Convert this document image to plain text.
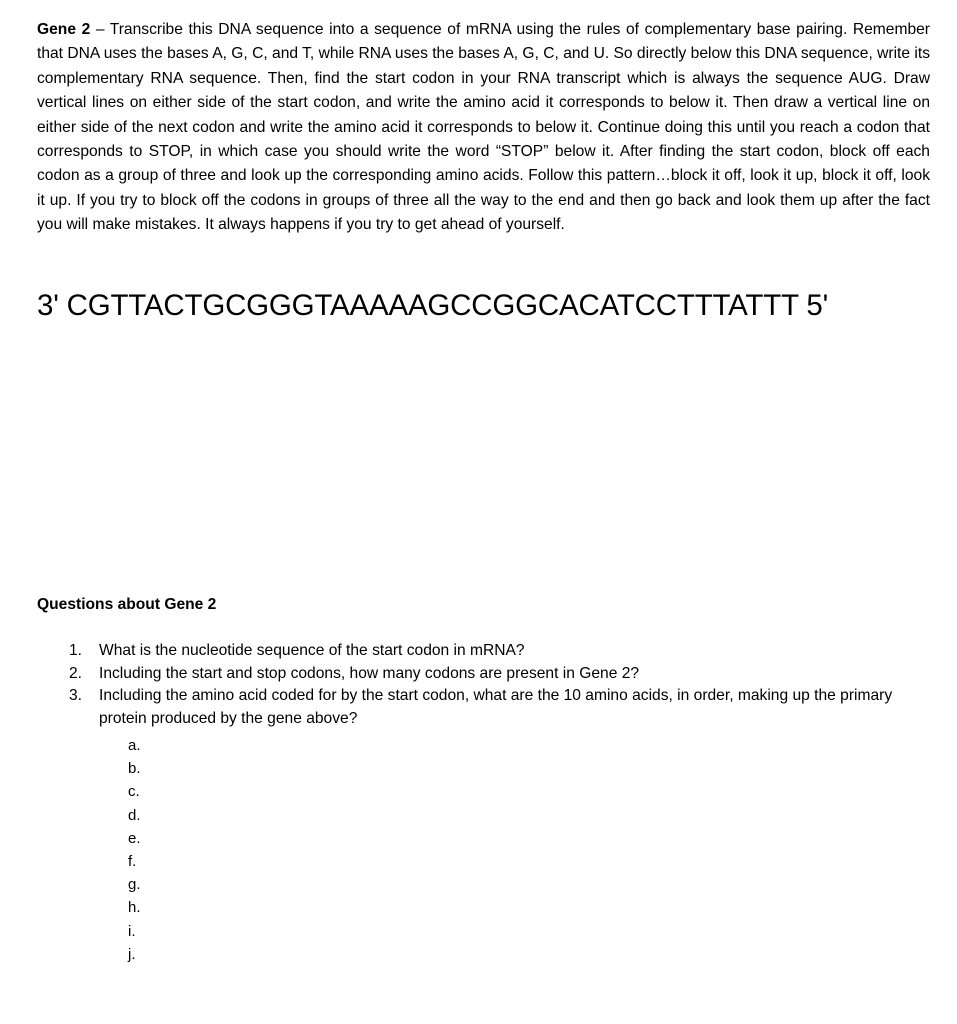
Gene 2 – Transcribe this DNA sequence into a sequence of mRNA using the rules of complementary base pairing. Remember that DNA uses the bases A, G, C, and T, while RNA uses the bases A, G, C, and U. So directly below this DNA sequence, write its complementary RNA sequence. Then, find the start codon in your RNA transcript which is always the sequence AUG. Draw vertical lines on either side of the start codon, and write the amino acid it corresponds to below it. Then draw a vertical line on either side of the next codon and write the amino acid it corresponds to below it. Continue doing this until you reach a codon that corresponds to STOP, in which case you should write the word “STOP” below it. After finding the start codon, block off each codon as a group of three and look up the corresponding amino acids. Follow this pattern…block it off, look it up, block it off, look it up. If you try to block off the codons in groups of three all the way to the end and then go back and look them up after the fact you will make mistakes. It always happens if you try to get ahead of yourself.

3' CGTTACTGCGGGTAAAAAGCCGGCACATCCTTTATTT 5'

Questions about Gene 2

1. What is the nucleotide sequence of the start codon in mRNA?
2. Including the start and stop codons, how many codons are present in Gene 2?
3. Including the amino acid coded for by the start codon, what are the 10 amino acids, in order, making up the primary protein produced by the gene above?
a.
b.
c.
d.
e.
f.
g.
h.
i.
j.
